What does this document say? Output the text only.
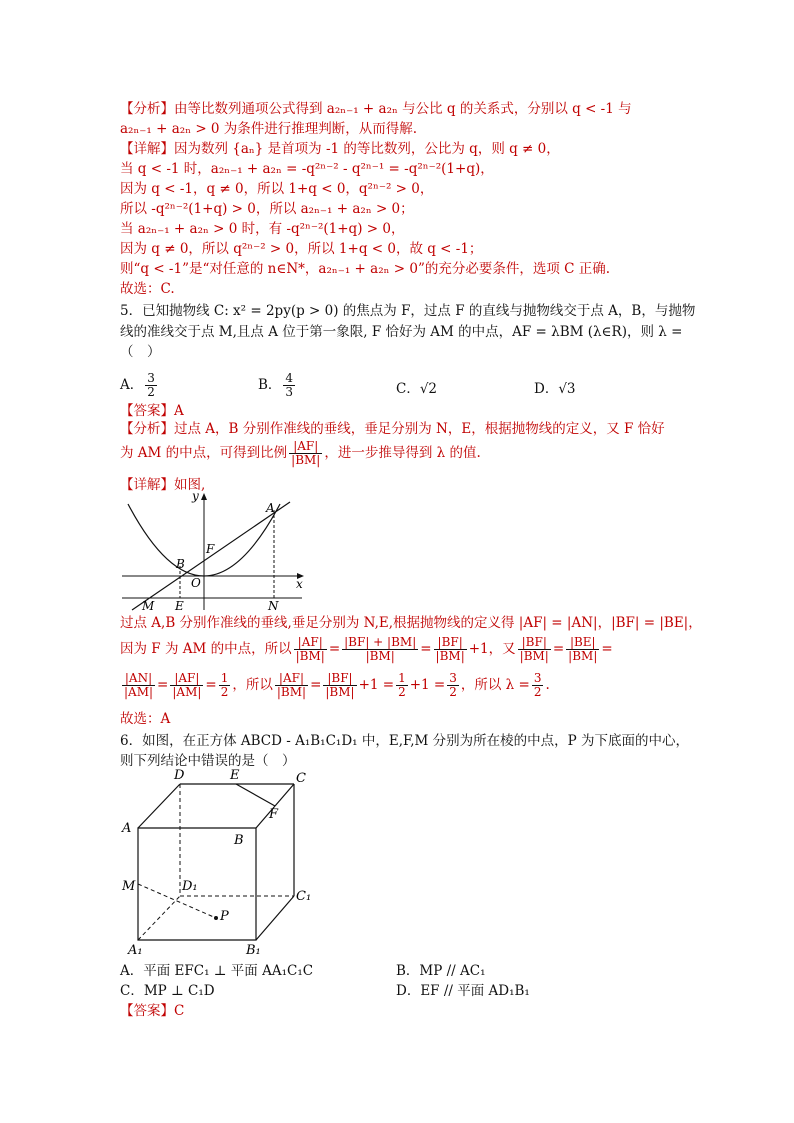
【分析】由等比数列通项公式得到 a₂ₙ₋₁ + a₂ₙ 与公比 q 的关系式，分别以 q < -1 与
a₂ₙ₋₁ + a₂ₙ > 0 为条件进行推理判断，从而得解.
【详解】因为数列 {aₙ} 是首项为 -1 的等比数列，公比为 q，则 q ≠ 0，
当 q < -1 时，a₂ₙ₋₁ + a₂ₙ = -q²ⁿ⁻² - q²ⁿ⁻¹ = -q²ⁿ⁻²(1+q)，
因为 q < -1，q ≠ 0，所以 1+q < 0，q²ⁿ⁻² > 0，
所以 -q²ⁿ⁻²(1+q) > 0，所以 a₂ₙ₋₁ + a₂ₙ > 0；
当 a₂ₙ₋₁ + a₂ₙ > 0 时，有 -q²ⁿ⁻²(1+q) > 0，
因为 q ≠ 0，所以 q²ⁿ⁻² > 0，所以 1+q < 0，故 q < -1；
则“q < -1”是“对任意的 n∈N*，a₂ₙ₋₁ + a₂ₙ > 0”的充分必要条件，选项 C 正确.
故选：C.
5．已知抛物线 C: x² = 2py(p > 0) 的焦点为 F，过点 F 的直线与抛物线交于点 A，B，与抛物
线的准线交于点 M,且点 A 位于第一象限, F 恰好为 AM 的中点，AF = λBM (λ∈R)，则 λ =
（　）
A． $\frac{3}{2}$	B． $\frac{4}{3}$	C．√2	D．√3
【答案】A
【分析】过点 A，B 分别作准线的垂线，垂足分别为 N，E，根据抛物线的定义，又 F 恰好
为 AM 的中点，可得到比例 $\frac{|AF|}{|BM|}$ ，进一步推导得到 λ 的值.
【详解】如图,
y
x
A
B
F
O
M E	N
过点 A,B 分别作准线的垂线,垂足分别为 N,E,根据抛物线的定义得 |AF| = |AN|，|BF| = |BE|，
因为 F 为 AM 的中点，所以 $\frac{|AF|}{|BM|} = \frac{|BF| + |BM|}{|BM|} = \frac{|BF|}{|BM|} +1$，又 $\frac{|BF|}{|BM|} = \frac{|BE|}{|BM|}$ =
$\frac{|AN|}{|AM|} = \frac{|AF|}{|AM|} = \frac{1}{2}$ ，所以 $\frac{|AF|}{|BM|} = \frac{|BF|}{|BM|} +1 = \frac{1}{2} +1 = \frac{3}{2}$ ，所以 $\lambda = \frac{3}{2}$ .
故选：A
6．如图，在正方体 ABCD - A₁B₁C₁D₁ 中，E,F,M 分别为所在棱的中点，P 为下底面的中心，
则下列结论中错误的是（　）
D	E	C
F
A
B
M	D₁
C₁
P
A₁	B₁
A．平面 EFC₁ ⊥ 平面 AA₁C₁C	B．MP // AC₁
C．MP ⊥ C₁D	D．EF // 平面 AD₁B₁
【答案】C
